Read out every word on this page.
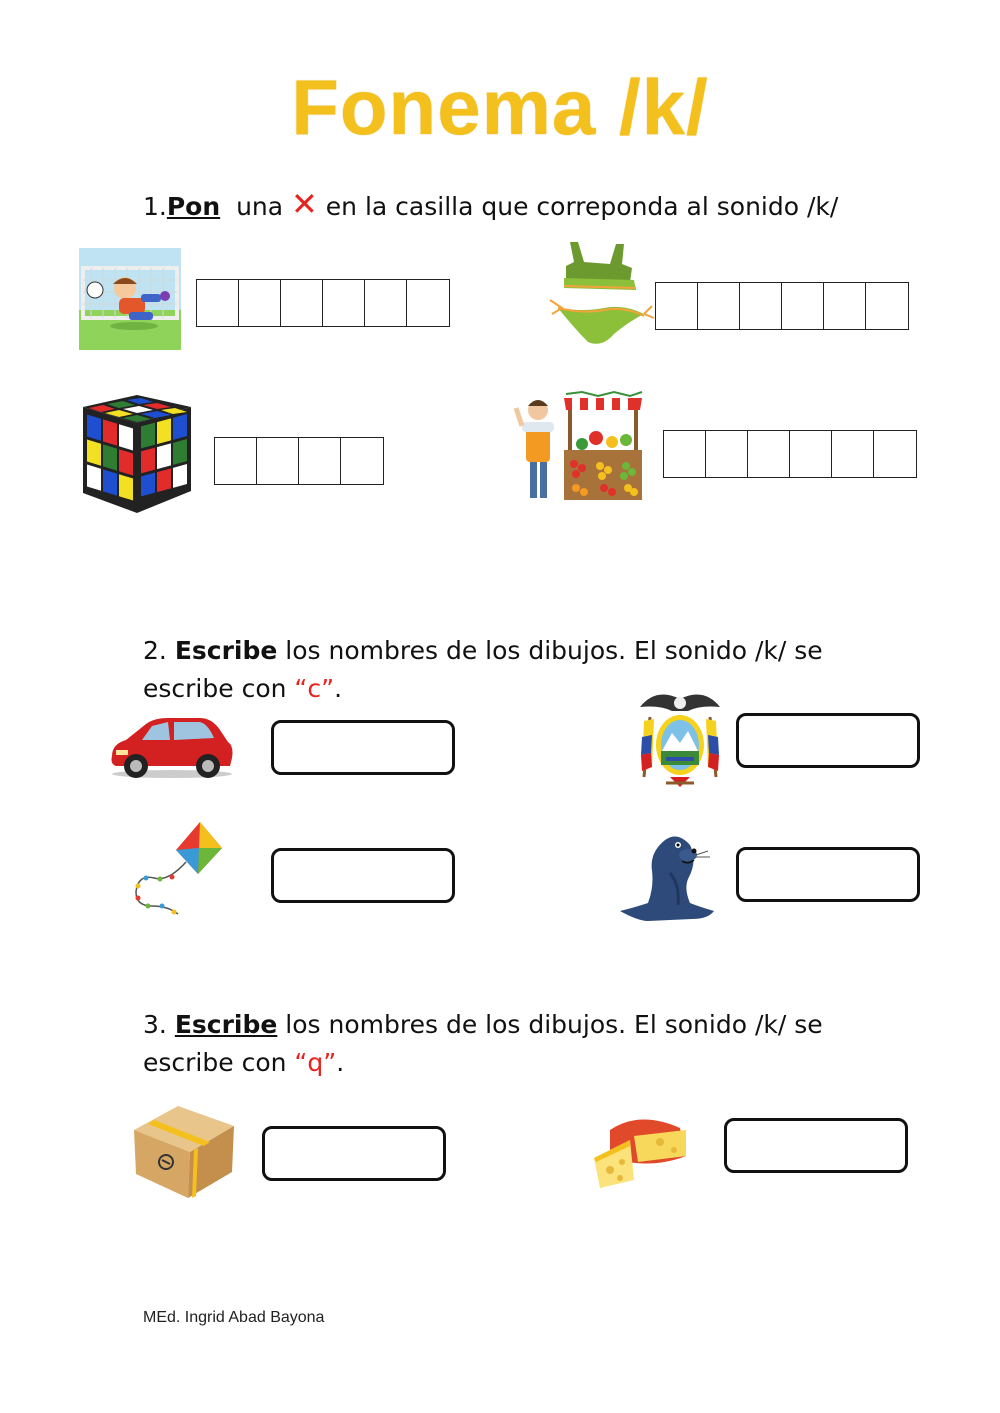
Fonema /k/
1.Pon una ✕ en la casilla que correponda al sonido /k/
2. Escribe los nombres de los dibujos. El sonido /k/ se
escribe con “c”.
3. Escribe los nombres de los dibujos. El sonido /k/ se
escribe con “q”.
MEd. Ingrid Abad Bayona
